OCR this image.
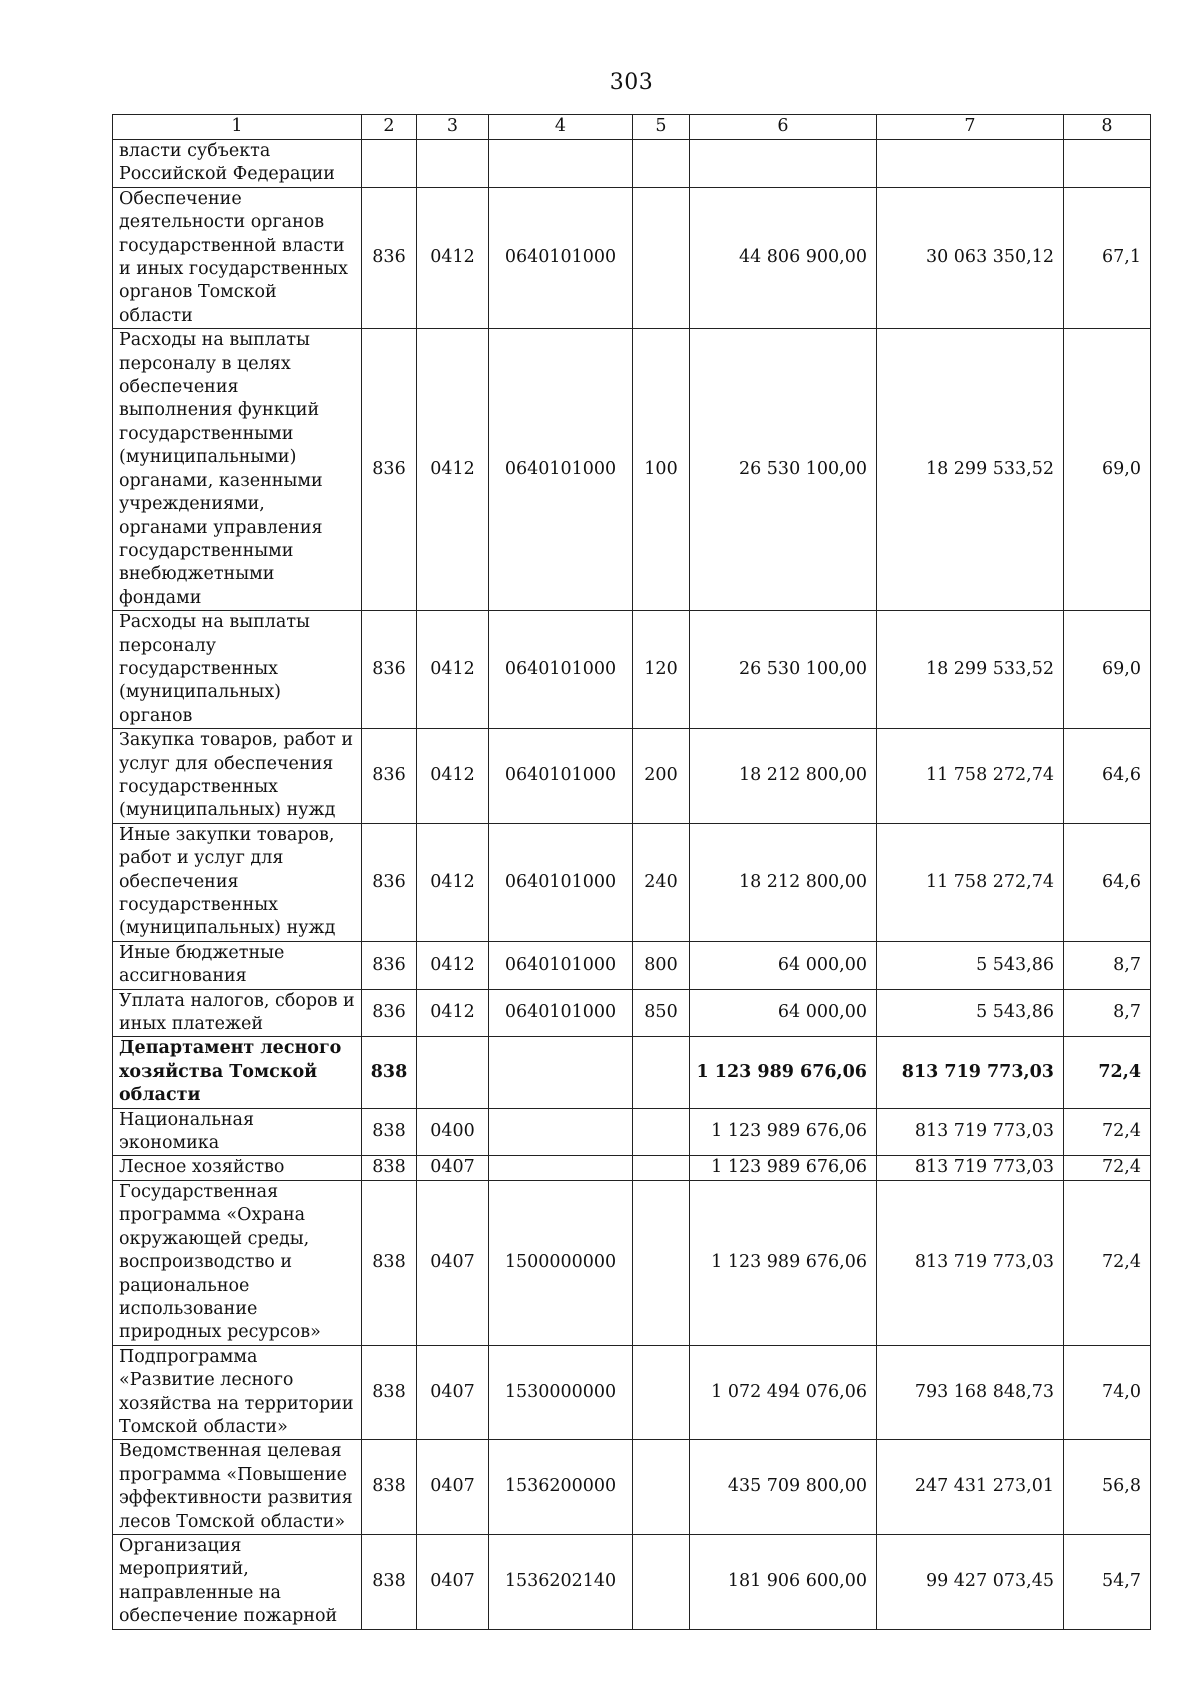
303
1	2	3	4	5	6	7	8
власти субъекта Российской Федерации							
Обеспечение деятельности органов государственной власти и иных государственных органов Томской области	836	0412	0640101000		44 806 900,00	30 063 350,12	67,1
Расходы на выплаты персоналу в целях обеспечения выполнения функций государственными (муниципальными) органами, казенными учреждениями, органами управления государственными внебюджетными фондами	836	0412	0640101000	100	26 530 100,00	18 299 533,52	69,0
Расходы на выплаты персоналу государственных (муниципальных) органов	836	0412	0640101000	120	26 530 100,00	18 299 533,52	69,0
Закупка товаров, работ и услуг для обеспечения государственных (муниципальных) нужд	836	0412	0640101000	200	18 212 800,00	11 758 272,74	64,6
Иные закупки товаров, работ и услуг для обеспечения государственных (муниципальных) нужд	836	0412	0640101000	240	18 212 800,00	11 758 272,74	64,6
Иные бюджетные ассигнования	836	0412	0640101000	800	64 000,00	5 543,86	8,7
Уплата налогов, сборов и иных платежей	836	0412	0640101000	850	64 000,00	5 543,86	8,7
Департамент лесного хозяйства Томской области	838				1 123 989 676,06	813 719 773,03	72,4
Национальная экономика	838	0400			1 123 989 676,06	813 719 773,03	72,4
Лесное хозяйство	838	0407			1 123 989 676,06	813 719 773,03	72,4
Государственная программа «Охрана окружающей среды, воспроизводство и рациональное использование природных ресурсов»	838	0407	1500000000		1 123 989 676,06	813 719 773,03	72,4
Подпрограмма «Развитие лесного хозяйства на территории Томской области»	838	0407	1530000000		1 072 494 076,06	793 168 848,73	74,0
Ведомственная целевая программа «Повышение эффективности развития лесов Томской области»	838	0407	1536200000		435 709 800,00	247 431 273,01	56,8
Организация мероприятий, направленные на обеспечение пожарной	838	0407	1536202140		181 906 600,00	99 427 073,45	54,7
